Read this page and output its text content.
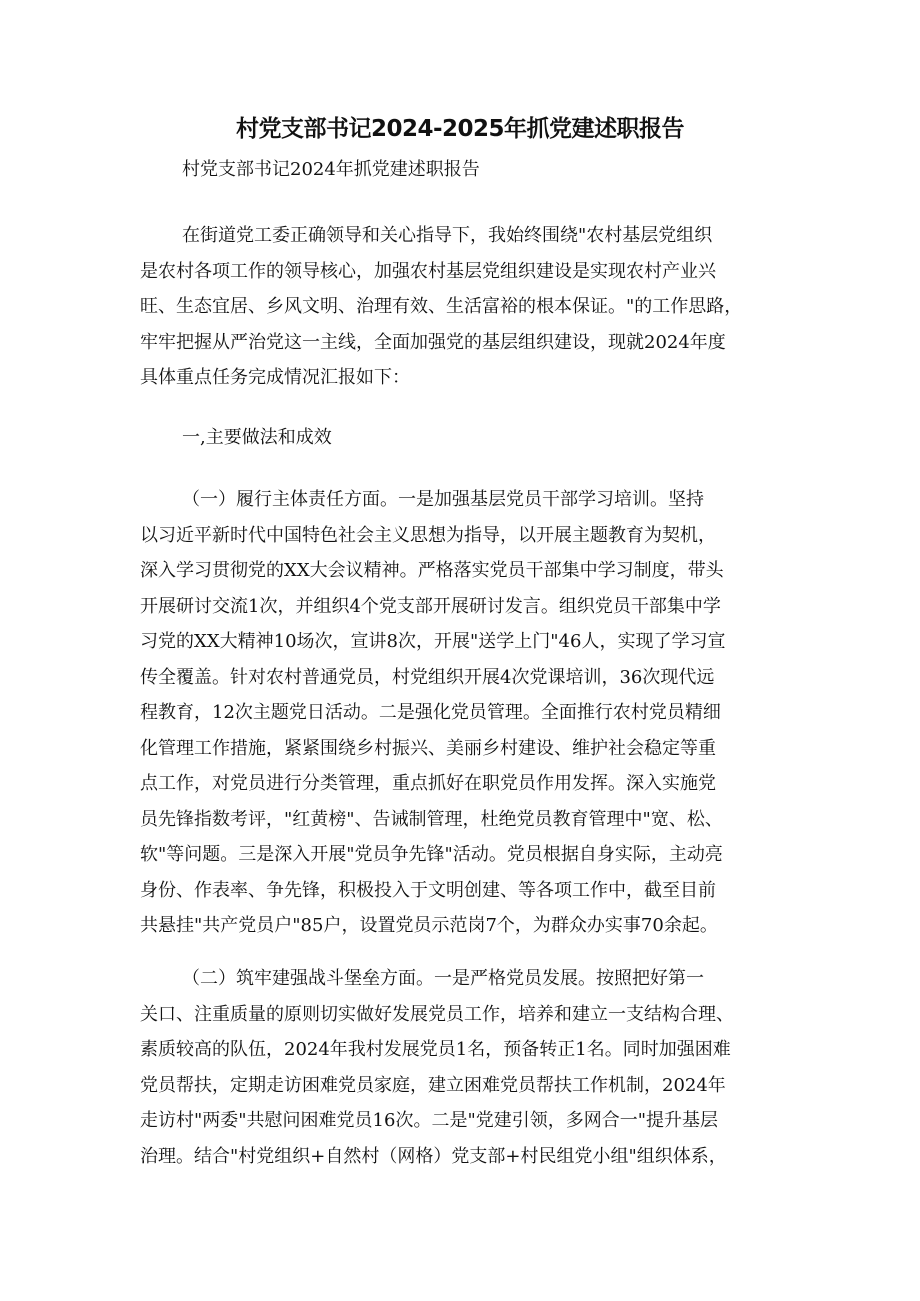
村党支部书记2024-2025年抓党建述职报告
村党支部书记2024年抓党建述职报告
在街道党工委正确领导和关心指导下，我始终围绕"农村基层党组织
是农村各项工作的领导核心，加强农村基层党组织建设是实现农村产业兴
旺、生态宜居、乡风文明、治理有效、生活富裕的根本保证。"的工作思路，
牢牢把握从严治党这一主线，全面加强党的基层组织建设，现就2024年度
具体重点任务完成情况汇报如下：
一,主要做法和成效
（一）履行主体责任方面。一是加强基层党员干部学习培训。坚持
以习近平新时代中国特色社会主义思想为指导，以开展主题教育为契机，
深入学习贯彻党的XX大会议精神。严格落实党员干部集中学习制度，带头
开展研讨交流1次，并组织4个党支部开展研讨发言。组织党员干部集中学
习党的XX大精神10场次，宣讲8次，开展"送学上门"46人，实现了学习宣
传全覆盖。针对农村普通党员，村党组织开展4次党课培训，36次现代远
程教育，12次主题党日活动。二是强化党员管理。全面推行农村党员精细
化管理工作措施，紧紧围绕乡村振兴、美丽乡村建设、维护社会稳定等重
点工作，对党员进行分类管理，重点抓好在职党员作用发挥。深入实施党
员先锋指数考评，"红黄榜"、告诫制管理，杜绝党员教育管理中"宽、松、
软"等问题。三是深入开展"党员争先锋"活动。党员根据自身实际，主动亮
身份、作表率、争先锋，积极投入于文明创建、等各项工作中，截至目前
共悬挂"共产党员户"85户，设置党员示范岗7个，为群众办实事70余起。
（二）筑牢建强战斗堡垒方面。一是严格党员发展。按照把好第一
关口、注重质量的原则切实做好发展党员工作，培养和建立一支结构合理、
素质较高的队伍，2024年我村发展党员1名，预备转正1名。同时加强困难
党员帮扶，定期走访困难党员家庭，建立困难党员帮扶工作机制，2024年
走访村"两委"共慰问困难党员16次。二是"党建引领，多网合一"提升基层
治理。结合"村党组织+自然村（网格）党支部+村民组党小组"组织体系，
